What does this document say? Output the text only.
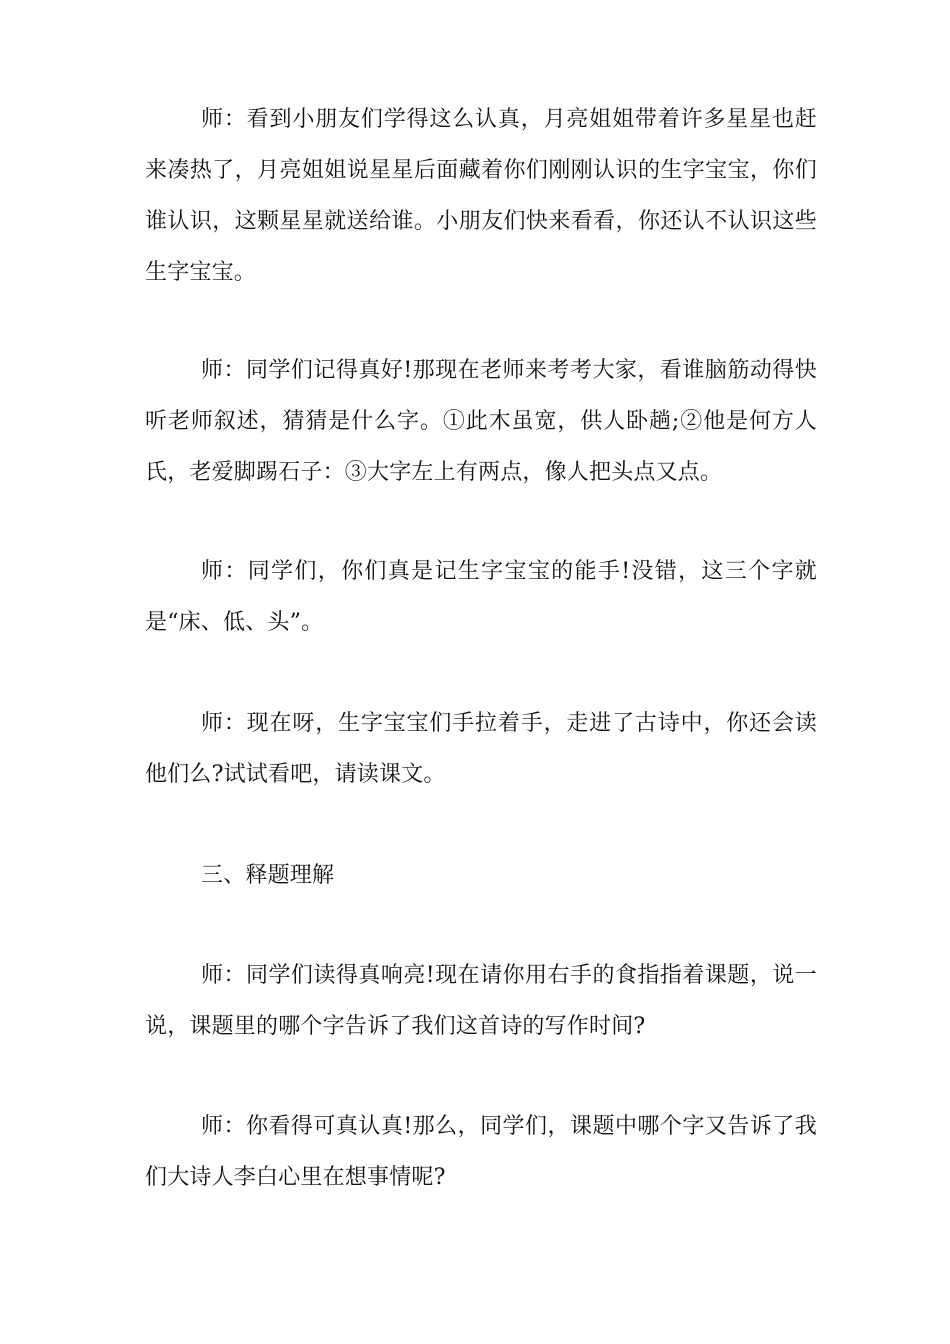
师：看到小朋友们学得这么认真，月亮姐姐带着许多星星也赶来凑热了，月亮姐姐说星星后面藏着你们刚刚认识的生字宝宝，你们谁认识，这颗星星就送给谁。小朋友们快来看看，你还认不认识这些生字宝宝。

师：同学们记得真好!那现在老师来考考大家，看谁脑筋动得快听老师叙述，猜猜是什么字。①此木虽宽，供人卧趟;②他是何方人氏，老爱脚踢石子：③大字左上有两点，像人把头点又点。

师：同学们，你们真是记生字宝宝的能手!没错，这三个字就是“床、低、头”。

师：现在呀，生字宝宝们手拉着手，走进了古诗中，你还会读他们么?试试看吧，请读课文。

三、释题理解

师：同学们读得真响亮!现在请你用右手的食指指着课题，说一说，课题里的哪个字告诉了我们这首诗的写作时间?

师：你看得可真认真!那么，同学们，课题中哪个字又告诉了我们大诗人李白心里在想事情呢?
